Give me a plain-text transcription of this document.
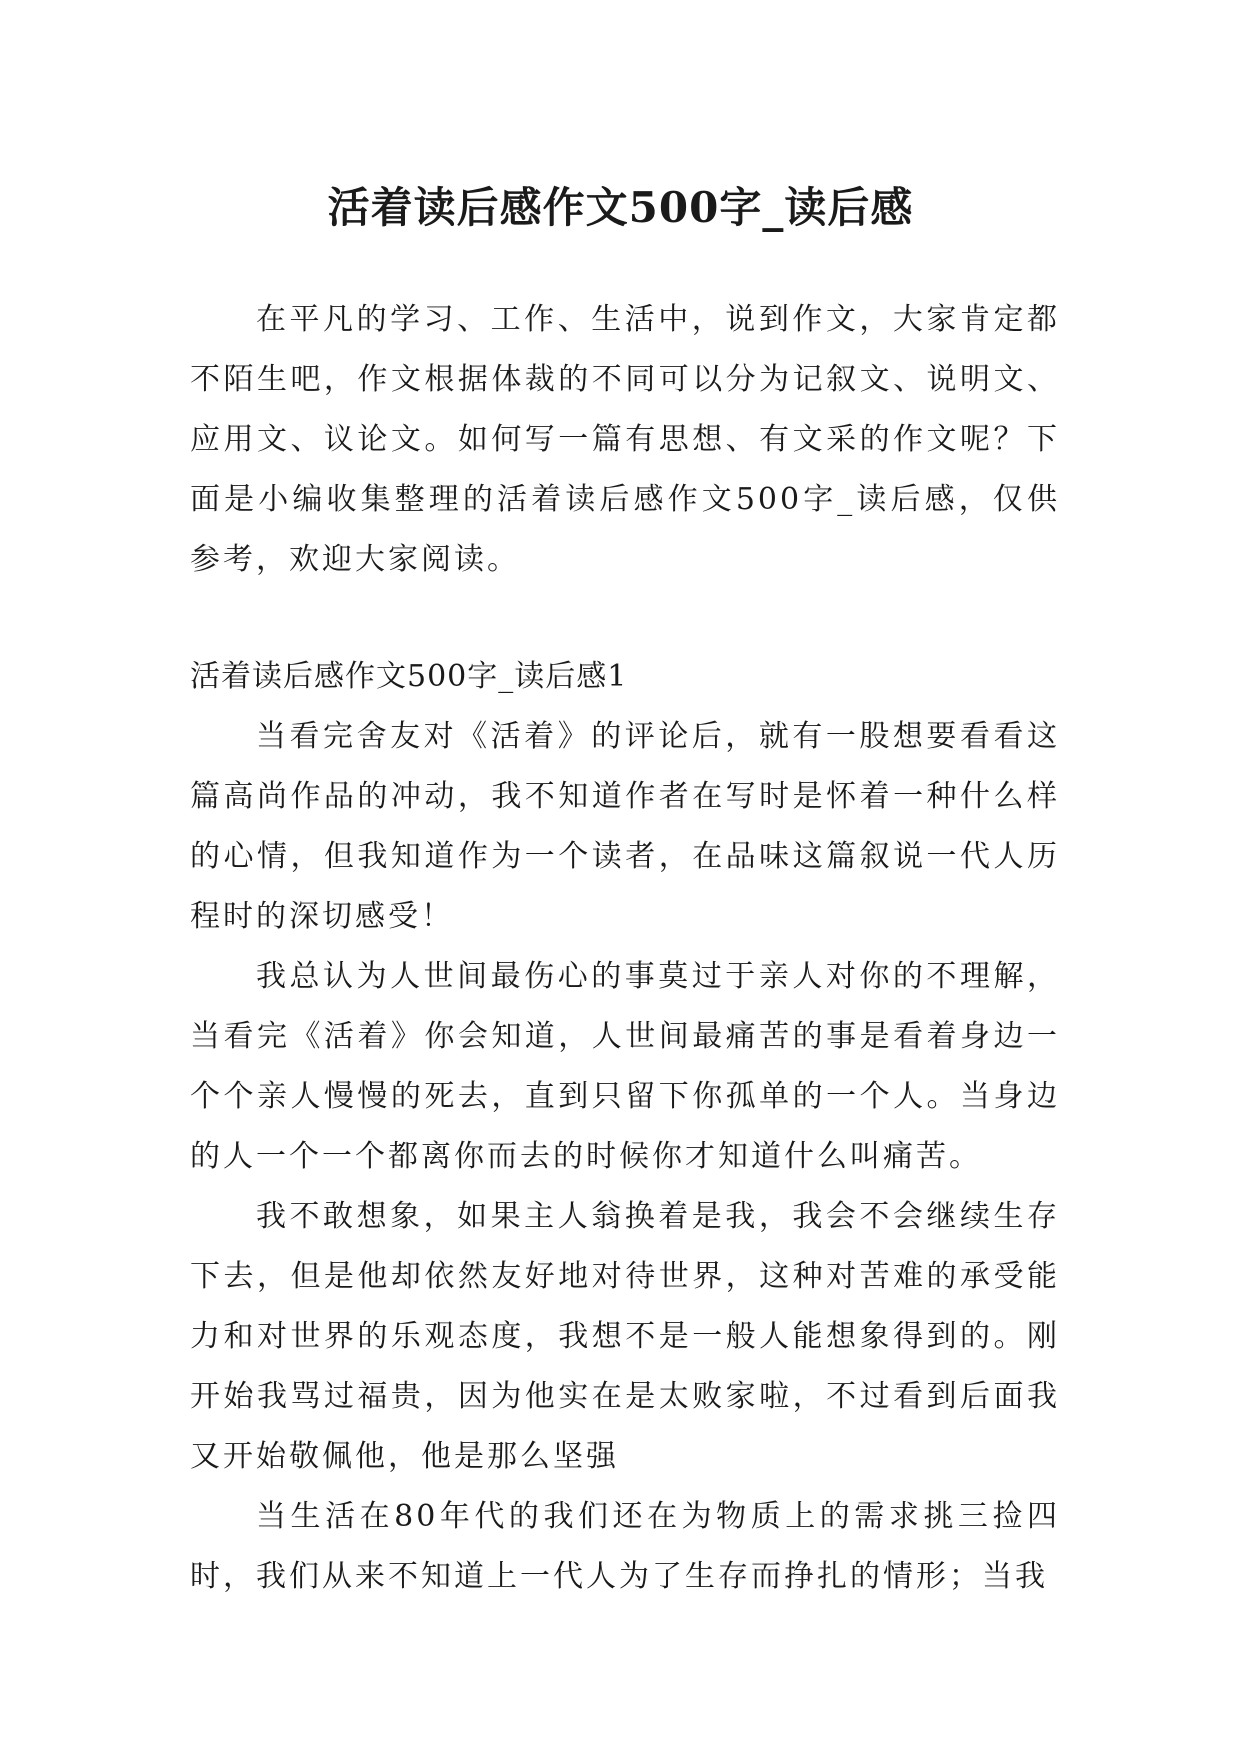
活着读后感作文500字_读后感

在平凡的学习、工作、生活中，说到作文，大家肯定都不陌生吧，作文根据体裁的不同可以分为记叙文、说明文、应用文、议论文。如何写一篇有思想、有文采的作文呢？下面是小编收集整理的活着读后感作文500字_读后感，仅供参考，欢迎大家阅读。

活着读后感作文500字_读后感1

当看完舍友对《活着》的评论后，就有一股想要看看这篇高尚作品的冲动，我不知道作者在写时是怀着一种什么样的心情，但我知道作为一个读者，在品味这篇叙说一代人历程时的深切感受！

我总认为人世间最伤心的事莫过于亲人对你的不理解，当看完《活着》你会知道，人世间最痛苦的事是看着身边一个个亲人慢慢的死去，直到只留下你孤单的一个人。当身边的人一个一个都离你而去的时候你才知道什么叫痛苦。

我不敢想象，如果主人翁换着是我，我会不会继续生存下去，但是他却依然友好地对待世界，这种对苦难的承受能力和对世界的乐观态度，我想不是一般人能想象得到的。刚开始我骂过福贵，因为他实在是太败家啦，不过看到后面我又开始敬佩他，他是那么坚强

当生活在80年代的我们还在为物质上的需求挑三捡四时，我们从来不知道上一代人为了生存而挣扎的情形；当我
